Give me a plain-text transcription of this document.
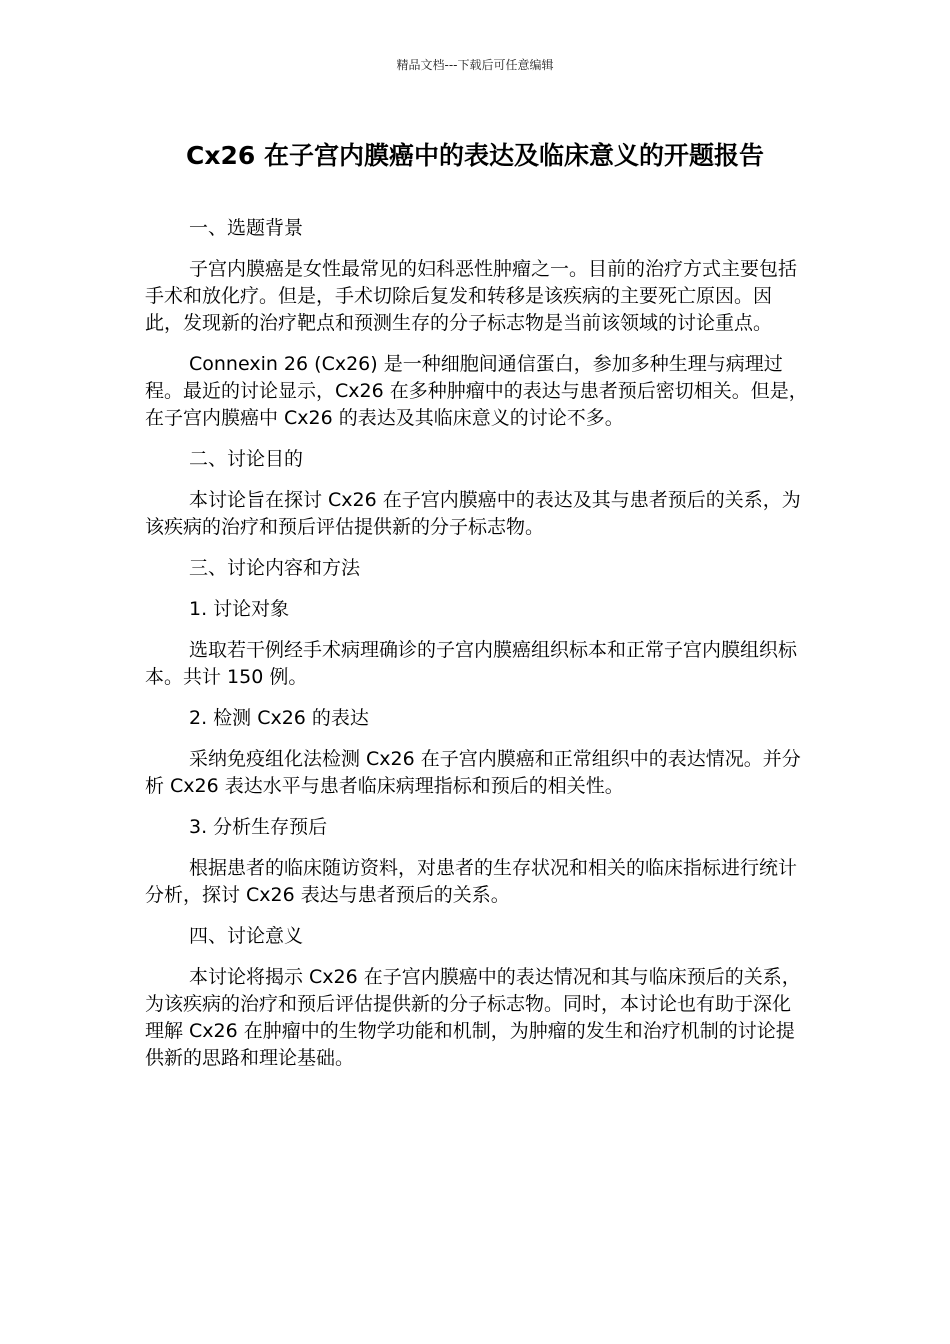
精品文档---下载后可任意编辑
Cx26 在子宫内膜癌中的表达及临床意义的开题报告

一、选题背景

子宫内膜癌是女性最常见的妇科恶性肿瘤之一。目前的治疗方式主要包括手术和放化疗。但是，手术切除后复发和转移是该疾病的主要死亡原因。因此，发现新的治疗靶点和预测生存的分子标志物是当前该领域的讨论重点。

Connexin 26 (Cx26) 是一种细胞间通信蛋白，参加多种生理与病理过程。最近的讨论显示，Cx26 在多种肿瘤中的表达与患者预后密切相关。但是，在子宫内膜癌中 Cx26 的表达及其临床意义的讨论不多。

二、讨论目的

本讨论旨在探讨 Cx26 在子宫内膜癌中的表达及其与患者预后的关系，为该疾病的治疗和预后评估提供新的分子标志物。

三、讨论内容和方法

1. 讨论对象

选取若干例经手术病理确诊的子宫内膜癌组织标本和正常子宫内膜组织标本。共计 150 例。

2. 检测 Cx26 的表达

采纳免疫组化法检测 Cx26 在子宫内膜癌和正常组织中的表达情况。并分析 Cx26 表达水平与患者临床病理指标和预后的相关性。

3. 分析生存预后

根据患者的临床随访资料，对患者的生存状况和相关的临床指标进行统计分析，探讨 Cx26 表达与患者预后的关系。

四、讨论意义

本讨论将揭示 Cx26 在子宫内膜癌中的表达情况和其与临床预后的关系，为该疾病的治疗和预后评估提供新的分子标志物。同时，本讨论也有助于深化理解 Cx26 在肿瘤中的生物学功能和机制，为肿瘤的发生和治疗机制的讨论提供新的思路和理论基础。
